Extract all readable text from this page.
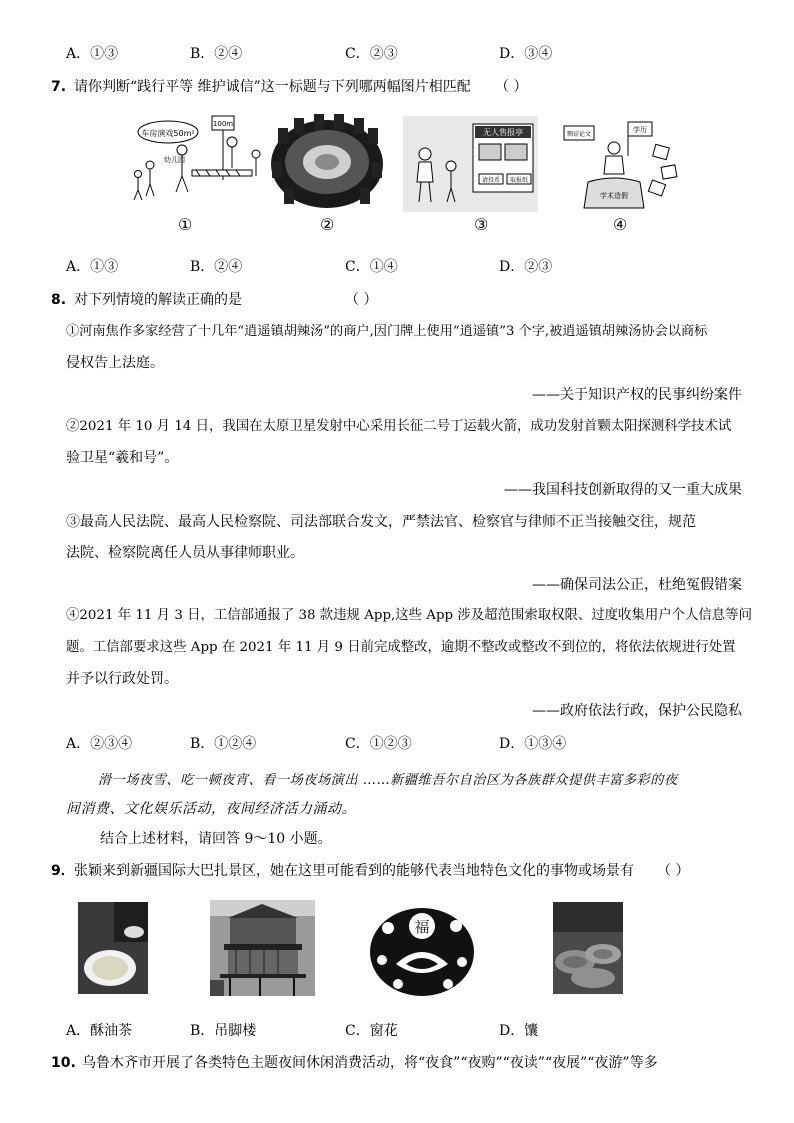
A．①③	B．②④	C．②③	D．③④
7. 请你判断“践行平等 维护诚信”这一标题与下列哪两幅图片相匹配 （ ）
车房演戏50m²
100m
幼儿园
①	②
无人售报亭
请投币 取报纸
③
剽窃论文
学历
学术造假
④
A．①③	B．②④	C．①④	D．②③
8. 对下列情境的解读正确的是	（ ）
①河南焦作多家经营了十几年“逍遥镇胡辣汤”的商户,因门牌上使用“逍遥镇”3 个字,被逍遥镇胡辣汤协会以商标
侵权告上法庭。
——关于知识产权的民事纠纷案件
②2021 年 10 月 14 日，我国在太原卫星发射中心采用长征二号丁运载火箭，成功发射首颗太阳探测科学技术试
验卫星“羲和号”。
——我国科技创新取得的又一重大成果
③最高人民法院、最高人民检察院、司法部联合发文，严禁法官、检察官与律师不正当接触交往，规范
法院、检察院离任人员从事律师职业。
——确保司法公正，杜绝冤假错案
④2021 年 11 月 3 日，工信部通报了 38 款违规 App,这些 App 涉及超范围索取权限、过度收集用户个人信息等问
题。工信部要求这些 App 在 2021 年 11 月 9 日前完成整改，逾期不整改或整改不到位的，将依法依规进行处置
并予以行政处罚。
——政府依法行政，保护公民隐私
A．②③④	B．①②④	C．①②③	D．①③④
滑一场夜雪、吃一顿夜宵、看一场夜场演出 ……新疆维吾尔自治区为各族群众提供丰富多彩的夜
间消费、文化娱乐活动，夜间经济活力涌动。
结合上述材料，请回答 9～10 小题。
9． 张颖来到新疆国际大巴扎景区，她在这里可能看到的能够代表当地特色文化的事物或场景有 （ ）
福
A．酥油茶	B．吊脚楼	C．窗花	D．馕
10. 乌鲁木齐市开展了各类特色主题夜间休闲消费活动，将“夜食”“夜购”“夜读”“夜展”“夜游”等多
